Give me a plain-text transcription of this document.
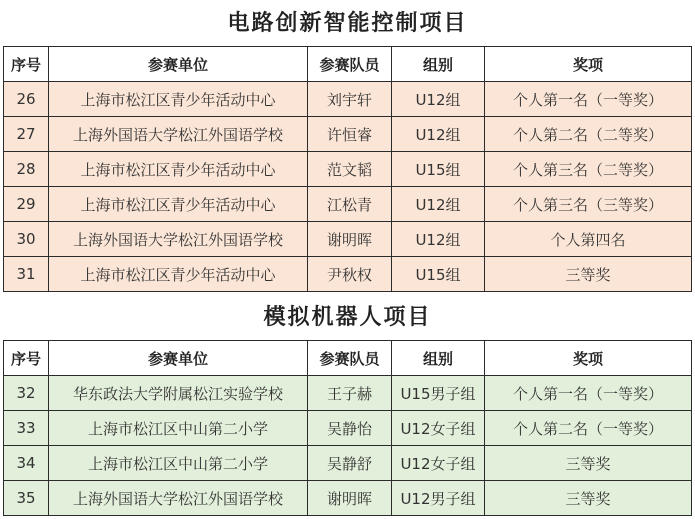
电路创新智能控制项目
序号	参赛单位	参赛队员	组别	奖项
26	上海市松江区青少年活动中心	刘宇轩	U12组	个人第一名（一等奖）
27	上海外国语大学松江外国语学校	许恒睿	U12组	个人第二名（二等奖）
28	上海市松江区青少年活动中心	范文韬	U15组	个人第三名（二等奖）
29	上海市松江区青少年活动中心	江松青	U12组	个人第三名（三等奖）
30	上海外国语大学松江外国语学校	谢明晖	U12组	个人第四名
31	上海市松江区青少年活动中心	尹秋权	U15组	三等奖
模拟机器人项目
序号	参赛单位	参赛队员	组别	奖项
32	华东政法大学附属松江实验学校	王子赫	U15男子组	个人第一名（一等奖）
33	上海市松江区中山第二小学	吴静怡	U12女子组	个人第二名（一等奖）
34	上海市松江区中山第二小学	吴静舒	U12女子组	三等奖
35	上海外国语大学松江外国语学校	谢明晖	U12男子组	三等奖
